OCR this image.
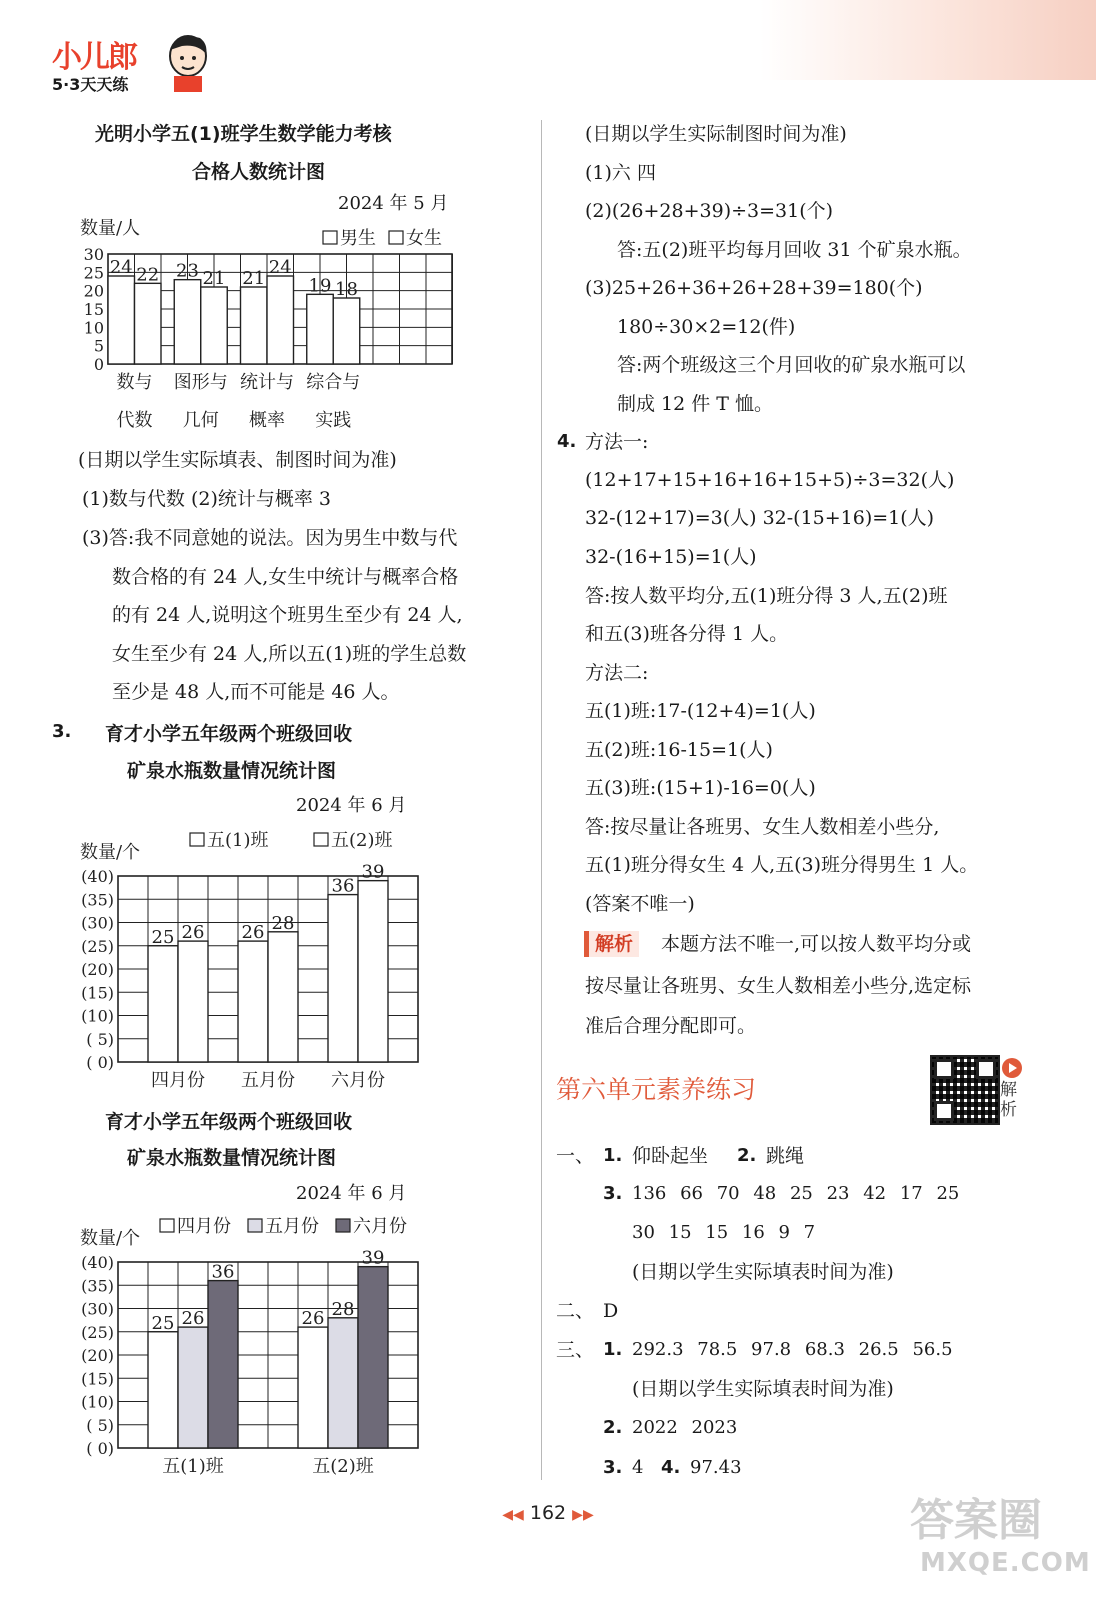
小儿郎
5·3天天练
光明小学五(1)班学生数学能力考核
合格人数统计图
2024 年 5 月
数量/人	男生 女生
30
25
20
15
10
5
0
24 22
数与
代数
23 21
图形与
几何
21
24
统计与
概率
19 18
综合与
实践
(日期以学生实际填表、制图时间为准)
(1)数与代数 (2)统计与概率 3
(3)答:我不同意她的说法。因为男生中数与代
数合格的有 24 人,女生中统计与概率合格
的有 24 人,说明这个班男生至少有 24 人,
女生至少有 24 人,所以五(1)班的学生总数
至少是 48 人,而不可能是 46 人。
3. 育才小学五年级两个班级回收
矿泉水瓶数量情况统计图
2024 年 6 月
数量/个
五(1)班	五(2)班
(40)
(35)
(30)
(25)
(20)
(15)
(10)
( 5)
( 0)
25 26
四月份
26 28
五月份
36
39
六月份
育才小学五年级两个班级回收
矿泉水瓶数量情况统计图
2024 年 6 月
数量/个
四月份 五月份 六月份
(40)
(35)
(30)
(25)
(20)
(15)
(10)
( 5)
( 0)
25 26
36
五(1)班
26 28
39
五(2)班
(日期以学生实际制图时间为准)
(1)六 四
(2)(26+28+39)÷3=31(个)
答:五(2)班平均每月回收 31 个矿泉水瓶。
(3)25+26+36+26+28+39=180(个)
180÷30×2=12(件)
答:两个班级这三个月回收的矿泉水瓶可以
制成 12 件 T 恤。
4. 方法一:
(12+17+15+16+16+15+5)÷3=32(人)
32-(12+17)=3(人) 32-(15+16)=1(人)
32-(16+15)=1(人)
答:按人数平均分,五(1)班分得 3 人,五(2)班
和五(3)班各分得 1 人。
方法二:
五(1)班:17-(12+4)=1(人)
五(2)班:16-15=1(人)
五(3)班:(15+1)-16=0(人)
答:按尽量让各班男、女生人数相差小些分,
五(1)班分得女生 4 人,五(3)班分得男生 1 人。
(答案不唯一)
解析	本题方法不唯一,可以按人数平均分或
按尽量让各班男、女生人数相差小些分,选定标
准后合理分配即可。
第六单元素养练习	解析
一、 1. 仰卧起坐 2. 跳绳
3. 136 66 70 48 25 23 42 17 25
30 15 15 16 9 7
(日期以学生实际填表时间为准)
二、 D
三、 1. 292.3 78.5 97.8 68.3 26.5 56.5
(日期以学生实际填表时间为准)
2. 2022 2023
3. 4 4. 97.43
◀◀ 162 ▶▶	答案圈
MXQE.COM
